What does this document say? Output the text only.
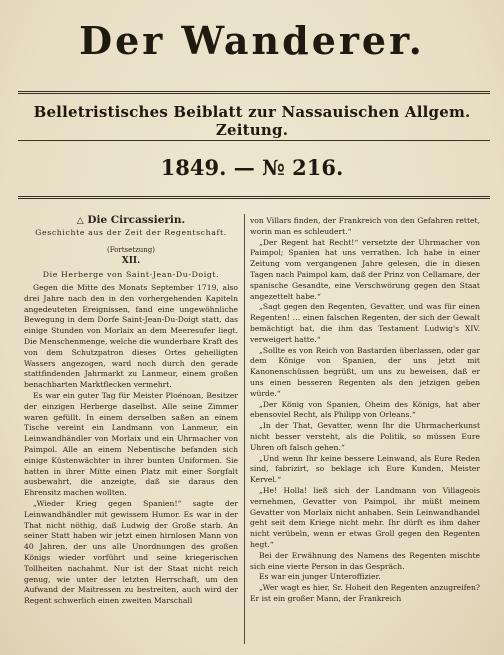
Der Wanderer.
Belletristisches Beiblatt zur Nassauischen Allgem. Zeitung.
1849. — № 216.
△ Die Circassierin.
Geschichte aus der Zeit der Regentschaft.
(Fortsetzung)
XII.
Die Herberge von Saint-Jean-Du-Doigt.

Gegen die Mitte des Monats September 1719, also drei Jahre nach den in den vorhergehenden Kapiteln angedeuteten Ereignissen, fand eine ungewöhnliche Bewegung in dem Dorfe Saint-Jean-Du-Doigt statt, das einige Stunden von Morlaix an dem Meeresufer liegt. Die Menschenmenge, welche die wunderbare Kraft des von dem Schutzpatron dieses Ortes geheiligten Wassers angezogen, ward noch durch den gerade stattfindenden Jahrmarkt zu Lanmeur, einem großen benachbarten Marktflecken vermehrt.

Es war ein guter Tag für Meister Ploénoan, Besitzer der einzigen Herberge daselbst. Alle seine Zimmer waren gefüllt. In einem derselben saßen an einem Tische vereint ein Landmann von Lanmeur, ein Leinwandhändler von Morlaix und ein Uhrmacher von Paimpol. Alle an einem Nebentische befanden sich einige Küstenwächter in ihrer bunten Uniformen. Sie hatten in ihrer Mitte einen Platz mit einer Sorgfalt ausbewahrt, die anzeigte, daß sie daraus den Ehrensitz machen wollten.

„Wieder Krieg gegen Spanien!“ sagte der Leinwandhändler mit gewissem Humor. Es war in der That nicht nöthig, daß Ludwig der Große starb. An seiner Statt haben wir jetzt einen hirnlosen Mann von 40 Jahren, der uns alle Unordnungen des großen Königs wieder vorführt und seine kriegerischen Tollheiten nachahmt. Nur ist der Staat nicht reich genug, wie unter der letzten Herrschaft, um den Aufwand der Maitressen zu bestreiten, auch wird der Regent schwerlich einen zweiten Marschall

von Villars finden, der Frankreich von den Gefahren rettet, worin man es schleudert.“

„Der Regent hat Recht!“ versetzte der Uhrmacher von Paimpol; Spanien hat uns verrathen. Ich habe in einer Zeitung vom vergangenen Jahre gelesen, die in diesen Tagen nach Paimpol kam, daß der Prinz von Cellamare, der spanische Gesandte, eine Verschwörung gegen den Staat angezettelt habe.“

„Sagt gegen den Regenten, Gevatter, und was für einen Regenten! … einen falschen Regenten, der sich der Gewalt bemächtigt hat, die ihm das Testament Ludwig's XIV. verweigert hatte.“

„Sollte es von Reich von Bastarden überlassen, oder gar dem Könige von Spanien, der uns jetzt mit Kanonenschüssen begrüßt, um uns zu beweisen, daß er uns einen besseren Regenten als den jetzigen geben würde.“

„Der König von Spanien, Oheim des Königs, hat aber ebensoviel Recht, als Philipp von Orleans.“

„In der That, Gevatter, wenn Ihr die Uhrmacherkunst nicht besser versteht, als die Politik, so müssen Eure Uhren oft falsch gehen.“

„Und wenn Ihr keine bessere Leinwand, als Eure Reden sind, fabrizirt, so beklage ich Eure Kunden, Meister Kervel.“

„He! Holla! ließ sich der Landmann von Villageois vernehmen, Gevatter von Paimpol, ihr müßt meinem Gevatter von Morlaix nicht anhaben. Sein Leinwandhandel geht seit dem Kriege nicht mehr. Ihr dürft es ihm daher nicht verübeln, wenn er etwas Groll gegen den Regenten hegt.“

Bei der Erwähnung des Namens des Regenten mischte sich eine vierte Person in das Gespräch.

Es war ein junger Unteroffizier.

„Wer wagt es hier, Sr. Hoheit den Regenten anzugreifen? Er ist ein großer Mann, der Frankreich
